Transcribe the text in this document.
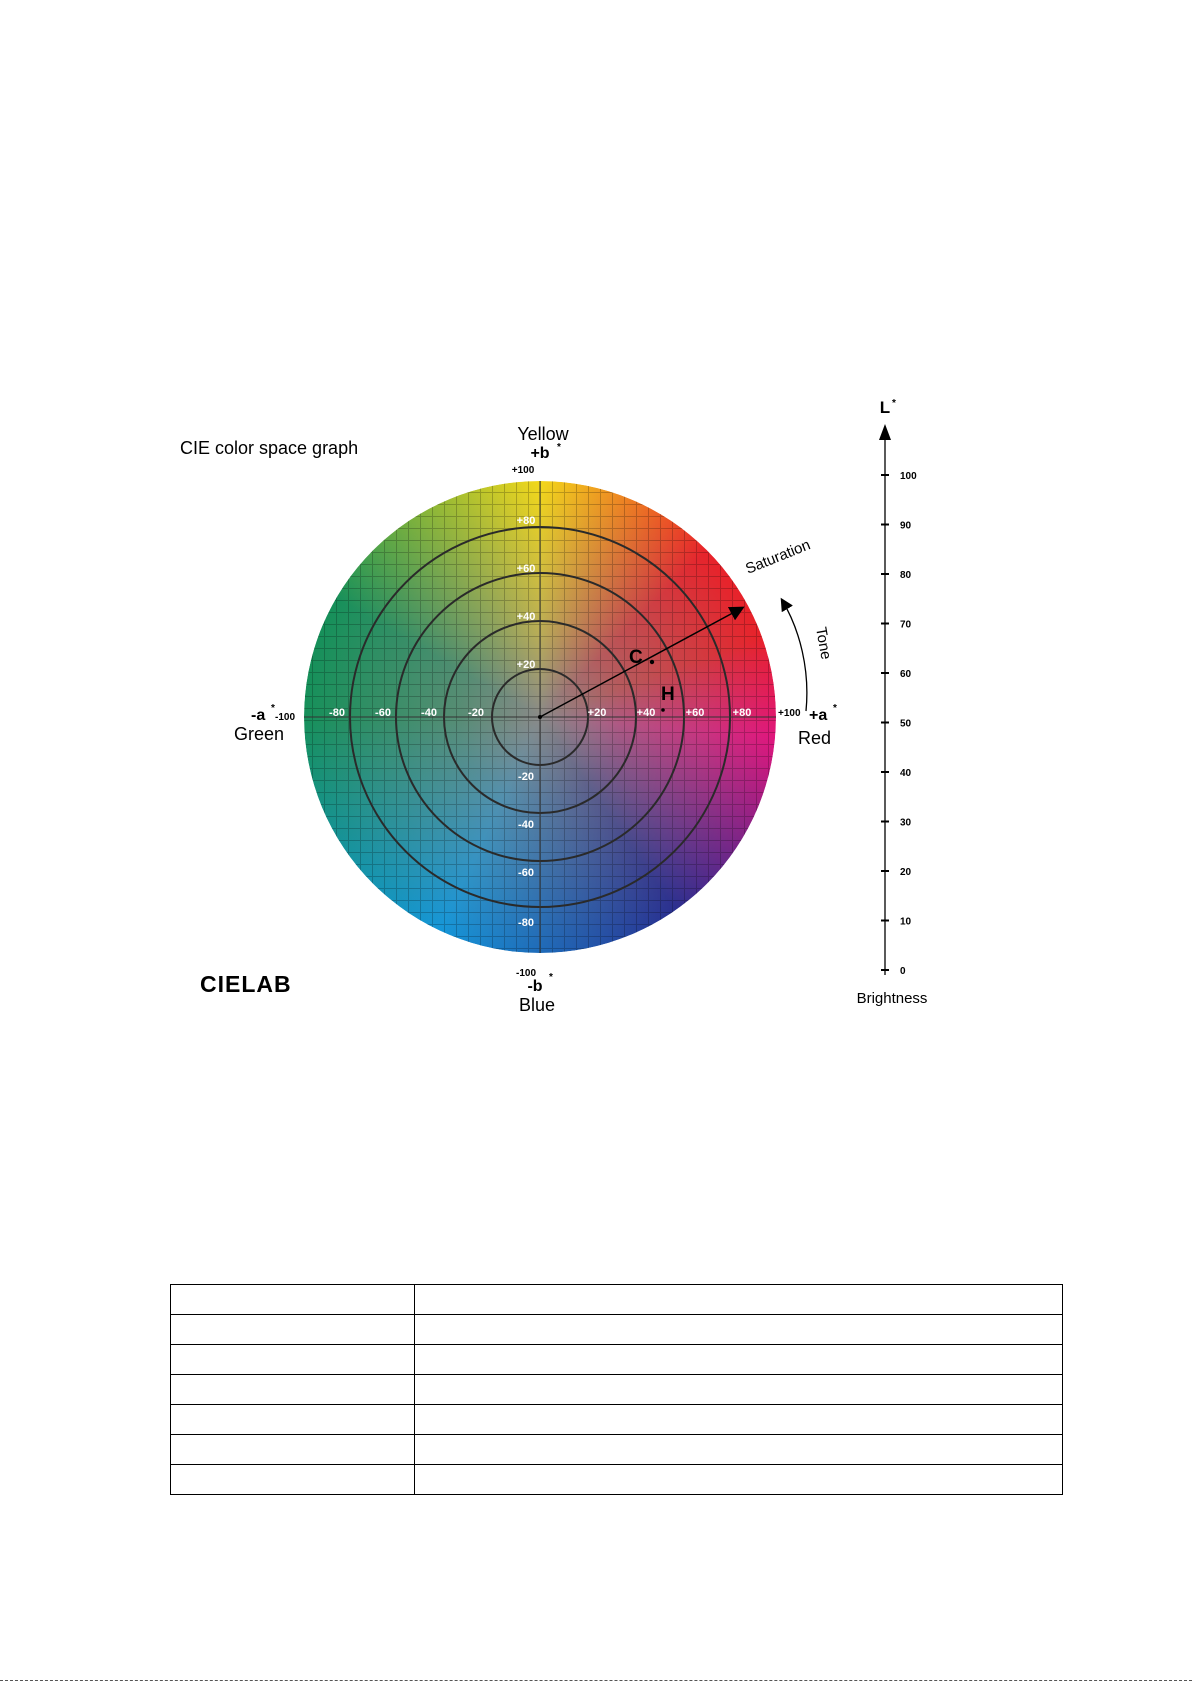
-80	-60	-40	-20	+20	+40	+60	+80
+80
+60
+40
+20
-20
-40
-60
-80
C
H
Saturation
Tone
CIE color space graph
Yellow
+b *
+100
-100
-b
*
Blue
-a *
-100
Green
+100 +a *
Red
CIELAB
L *
Brightness
100
90
80
70
60
50
40
30
20
10
0
